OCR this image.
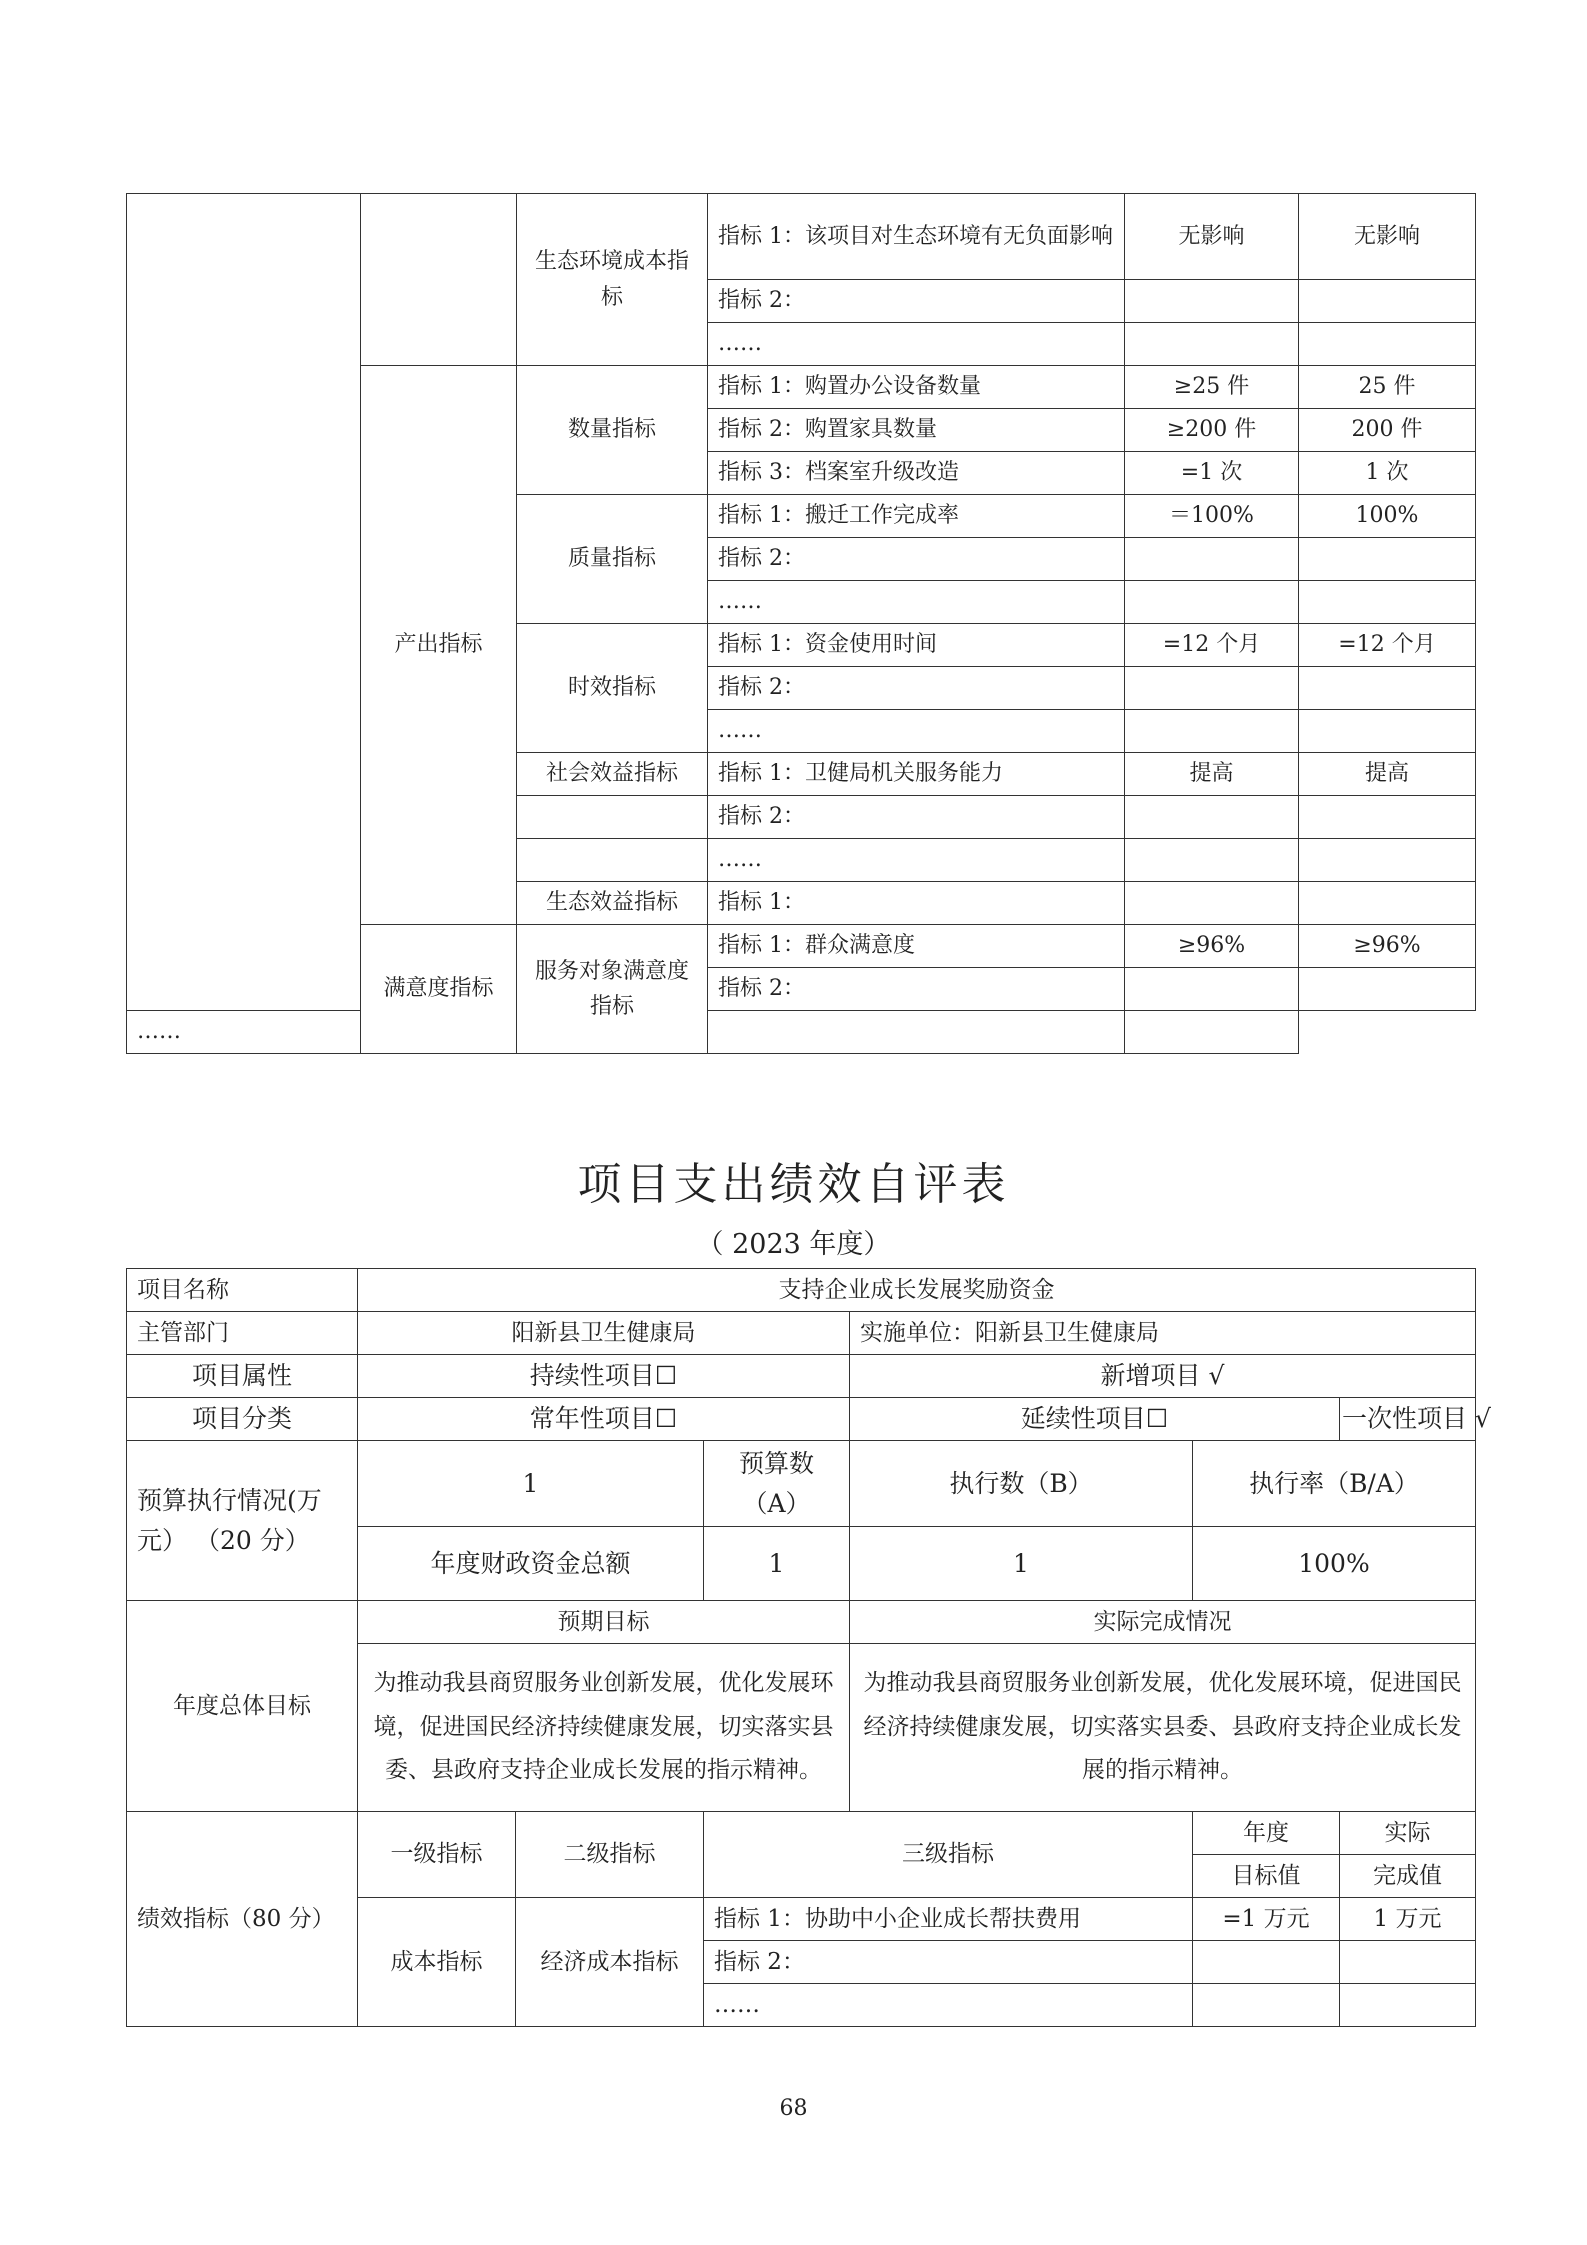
		生态环境成本指标	指标 1：该项目对生态环境有无负面影响	无影响	无影响
			指标 2：		
			……		
	产出指标	数量指标	指标 1：购置办公设备数量	≥25 件	25 件
			指标 2：购置家具数量	≥200 件	200 件
			指标 3：档案室升级改造	=1 次	1 次
		质量指标	指标 1：搬迁工作完成率	＝100%	100%
			指标 2：		
			……		
		时效指标	指标 1：资金使用时间	=12 个月	=12 个月
			指标 2：		
			……		
		社会效益指标	指标 1：卫健局机关服务能力	提高	提高
			指标 2：		
			……		
		生态效益指标	指标 1：		
	满意度指标	服务对象满意度指标	指标 1：群众满意度	≥96%	≥96%
			指标 2：		
……					
项目支出绩效自评表
（ 2023 年度）
项目名称	支持企业成长发展奖励资金					
主管部门	阳新县卫生健康局			实施单位：阳新县卫生健康局		
项目属性	持续性项目☐			新增项目 √		
项目分类	常年性项目☐			延续性项目☐		一次性项目 √
预算执行情况(万元） （20 分）	1		预算数（A）	执行数（B）	执行率（B/A）	
	年度财政资金总额		1	1	100%	
年度总体目标	预期目标			实际完成情况		
	为推动我县商贸服务业创新发展，优化发展环境，促进国民经济持续健康发展，切实落实县委、县政府支持企业成长发展的指示精神。			为推动我县商贸服务业创新发展，优化发展环境，促进国民经济持续健康发展，切实落实县委、县政府支持企业成长发展的指示精神。		
绩效指标（80 分）	一级指标	二级指标	三级指标		年度	实际
					目标值	完成值
	成本指标	经济成本指标	指标 1：协助中小企业成长帮扶费用		=1 万元	1 万元
			指标 2：			
			……			
68
